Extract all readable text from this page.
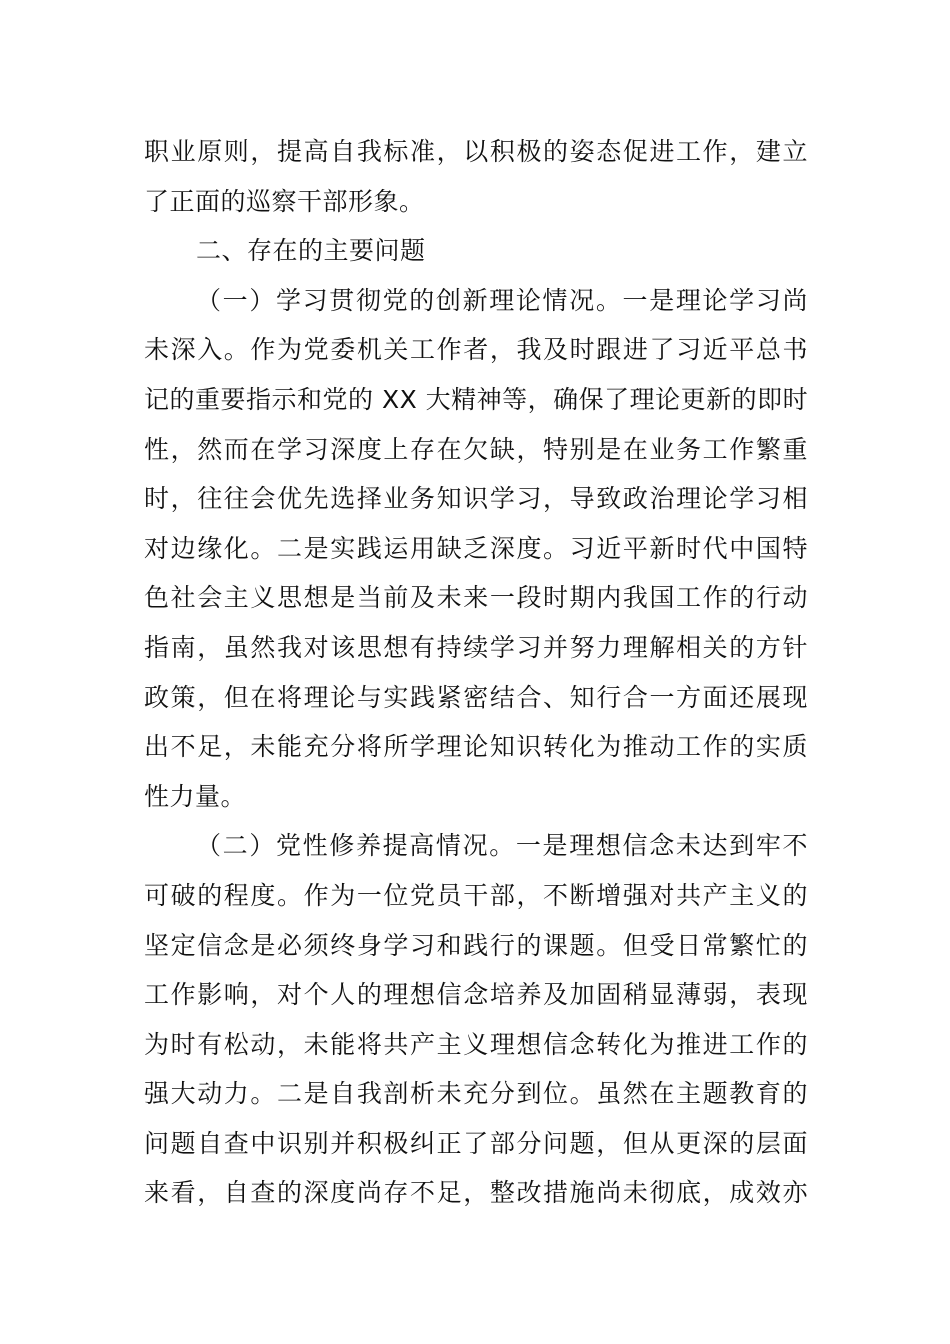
职业原则，提高自我标准，以积极的姿态促进工作，建立
了正面的巡察干部形象。
二、存在的主要问题
（一）学习贯彻党的创新理论情况。一是理论学习尚
未深入。作为党委机关工作者，我及时跟进了习近平总书
记的重要指示和党的 XX 大精神等，确保了理论更新的即时
性，然而在学习深度上存在欠缺，特别是在业务工作繁重
时，往往会优先选择业务知识学习，导致政治理论学习相
对边缘化。二是实践运用缺乏深度。习近平新时代中国特
色社会主义思想是当前及未来一段时期内我国工作的行动
指南，虽然我对该思想有持续学习并努力理解相关的方针
政策，但在将理论与实践紧密结合、知行合一方面还展现
出不足，未能充分将所学理论知识转化为推动工作的实质
性力量。
（二）党性修养提高情况。一是理想信念未达到牢不
可破的程度。作为一位党员干部，不断增强对共产主义的
坚定信念是必须终身学习和践行的课题。但受日常繁忙的
工作影响，对个人的理想信念培养及加固稍显薄弱，表现
为时有松动，未能将共产主义理想信念转化为推进工作的
强大动力。二是自我剖析未充分到位。虽然在主题教育的
问题自查中识别并积极纠正了部分问题，但从更深的层面
来看，自查的深度尚存不足，整改措施尚未彻底，成效亦
